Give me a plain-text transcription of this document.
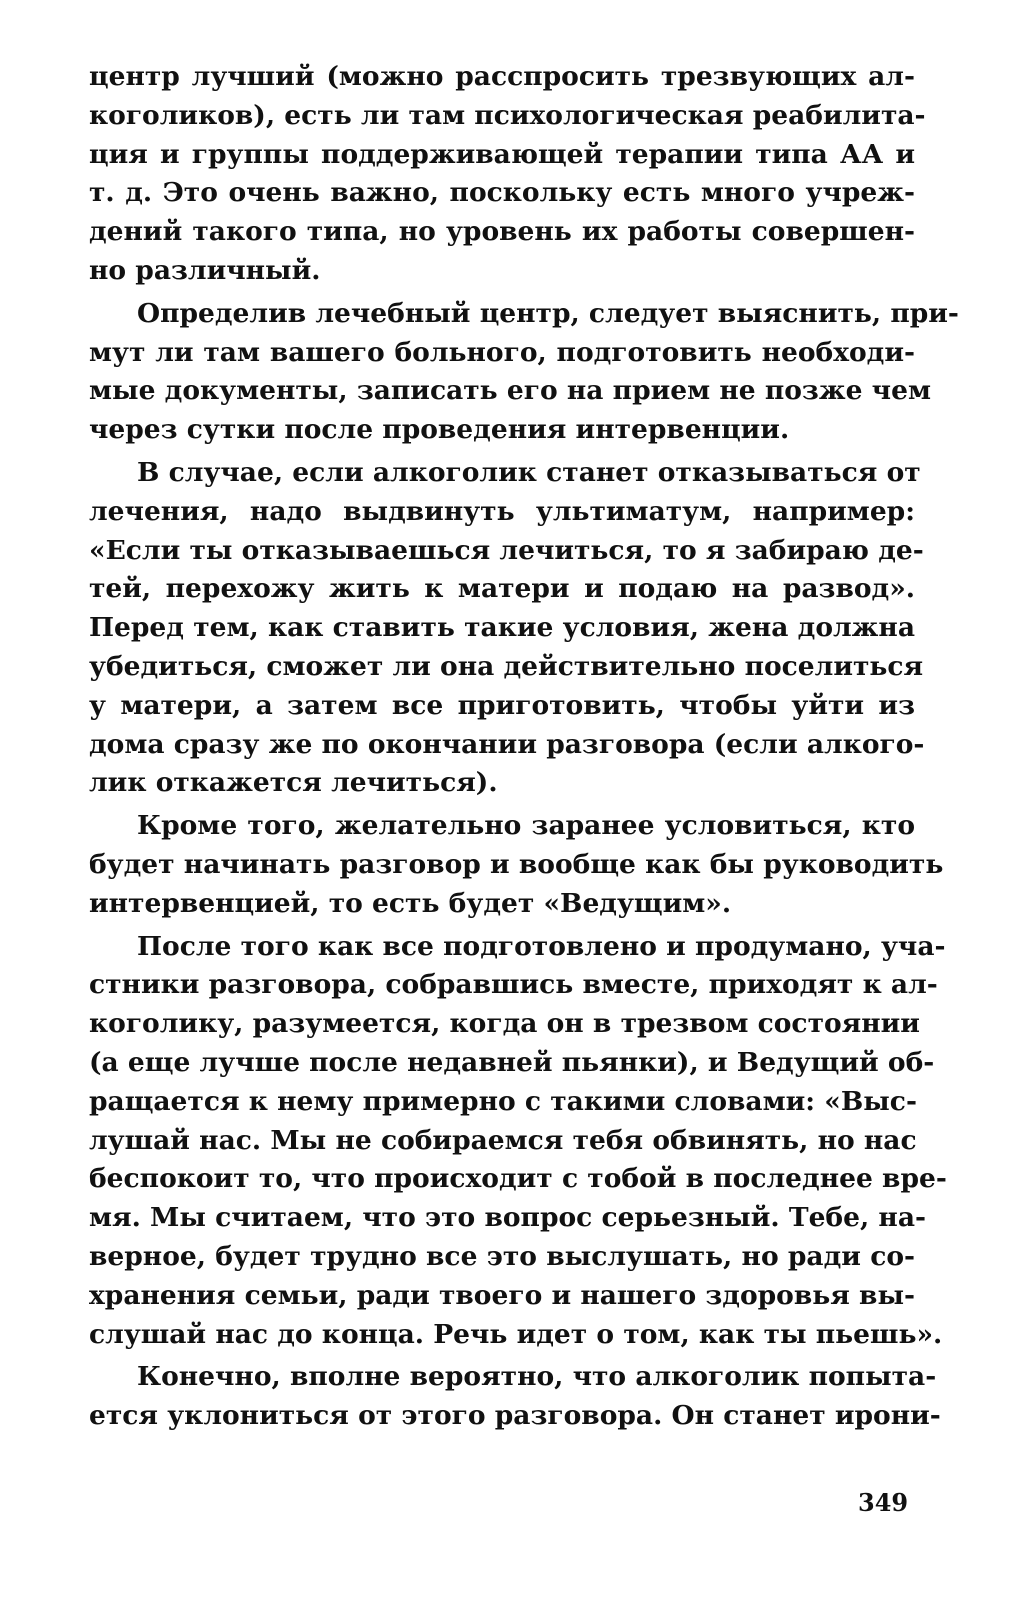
центр лучший (можно расспросить трезвующих ал-
коголиков), есть ли там психологическая реабилита-
ция и группы поддерживающей терапии типа АА и
т. д. Это очень важно, поскольку есть много учреж-
дений такого типа, но уровень их работы совершен-
но различный.
Определив лечебный центр, следует выяснить, при-
мут ли там вашего больного, подготовить необходи-
мые документы, записать его на прием не позже чем
через сутки после проведения интервенции.
В случае, если алкоголик станет отказываться от
лечения, надо выдвинуть ультиматум, например:
«Если ты отказываешься лечиться, то я забираю де-
тей, перехожу жить к матери и подаю на развод».
Перед тем, как ставить такие условия, жена должна
убедиться, сможет ли она действительно поселиться
у матери, а затем все приготовить, чтобы уйти из
дома сразу же по окончании разговора (если алкого-
лик откажется лечиться).
Кроме того, желательно заранее условиться, кто
будет начинать разговор и вообще как бы руководить
интервенцией, то есть будет «Ведущим».
После того как все подготовлено и продумано, уча-
стники разговора, собравшись вместе, приходят к ал-
коголику, разумеется, когда он в трезвом состоянии
(а еще лучше после недавней пьянки), и Ведущий об-
ращается к нему примерно с такими словами: «Выс-
лушай нас. Мы не собираемся тебя обвинять, но нас
беспокоит то, что происходит с тобой в последнее вре-
мя. Мы считаем, что это вопрос серьезный. Тебе, на-
верное, будет трудно все это выслушать, но ради со-
хранения семьи, ради твоего и нашего здоровья вы-
слушай нас до конца. Речь идет о том, как ты пьешь».
Конечно, вполне вероятно, что алкоголик попыта-
ется уклониться от этого разговора. Он станет ирони-
349
